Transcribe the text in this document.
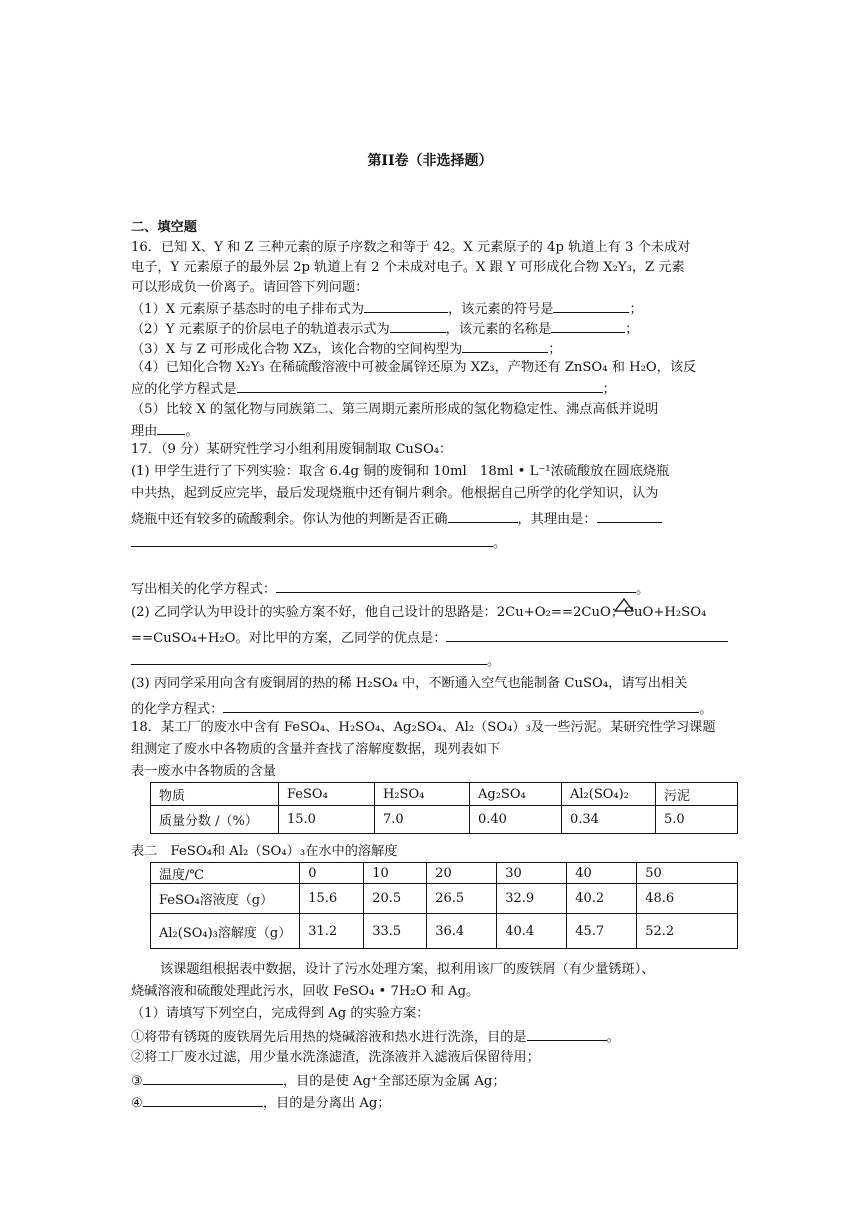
第II卷（非选择题）
二、填空题
16．已知 X、Y 和 Z 三种元素的原子序数之和等于 42。X 元素原子的 4p 轨道上有 3 个未成对
电子，Y 元素原子的最外层 2p 轨道上有 2 个未成对电子。X 跟 Y 可形成化合物 X₂Y₃，Z 元素
可以形成负一价离子。请回答下列问题：
（1）X 元素原子基态时的电子排布式为	，该元素的符号是	；
（2）Y 元素原子的价层电子的轨道表示式为	，该元素的名称是	；
（3）X 与 Z 可形成化合物 XZ₃，该化合物的空间构型为	；
（4）已知化合物 X₂Y₃ 在稀硫酸溶液中可被金属锌还原为 XZ₃，产物还有 ZnSO₄ 和 H₂O，该反
应的化学方程式是	；
（5）比较 X 的氢化物与同族第二、第三周期元素所形成的氢化物稳定性、沸点高低并说明
理由 。
17．（9 分）某研究性学习小组利用废铜制取 CuSO₄：
(1) 甲学生进行了下列实验：取含 6.4g 铜的废铜和 10ml　18ml • L⁻¹浓硫酸放在圆底烧瓶
中共热，起到反应完毕，最后发现烧瓶中还有铜片剩余。他根据自己所学的化学知识，认为
烧瓶中还有较多的硫酸剩余。你认为他的判断是否正确	，其理由是：
。
写出相关的化学方程式：	。
(2) 乙同学认为甲设计的实验方案不好，他自己设计的思路是：2Cu+O₂==2CuO；CuO+H₂SO₄
==CuSO₄+H₂O。对比甲的方案，乙同学的优点是：
。
(3) 丙同学采用向含有废铜屑的热的稀 H₂SO₄ 中，不断通入空气也能制备 CuSO₄，请写出相关
的化学方程式：	。
18．某工厂的废水中含有 FeSO₄、H₂SO₄、Ag₂SO₄、Al₂（SO₄）₃及一些污泥。某研究性学习课题
组测定了废水中各物质的含量并查找了溶解度数据，现列表如下
表一废水中各物质的含量
物质	FeSO₄	H₂SO₄	Ag₂SO₄	Al₂(SO₄)₂	污泥
质量分数 /（%）	15.0	7.0	0.40	0.34	5.0
表二　FeSO₄和 Al₂（SO₄）₃在水中的溶解度
温度/℃	0	10	20	30	40	50
FeSO₄溶液度（g）	15.6	20.5	26.5	32.9	40.2	48.6
Al₂(SO₄)₃溶解度（g）	31.2	33.5	36.4	40.4	45.7	52.2
该课题组根据表中数据，设计了污水处理方案，拟利用该厂的废铁屑（有少量锈斑）、
烧碱溶液和硫酸处理此污水，回收 FeSO₄ • 7H₂O 和 Ag。
（1）请填写下列空白，完成得到 Ag 的实验方案：
①将带有锈斑的废铁屑先后用热的烧碱溶液和热水进行洗涤，目的是	。
②将工厂废水过滤，用少量水洗涤滤渣，洗涤液并入滤液后保留待用；
③	，目的是使 Ag⁺全部还原为金属 Ag；
④	，目的是分离出 Ag；
